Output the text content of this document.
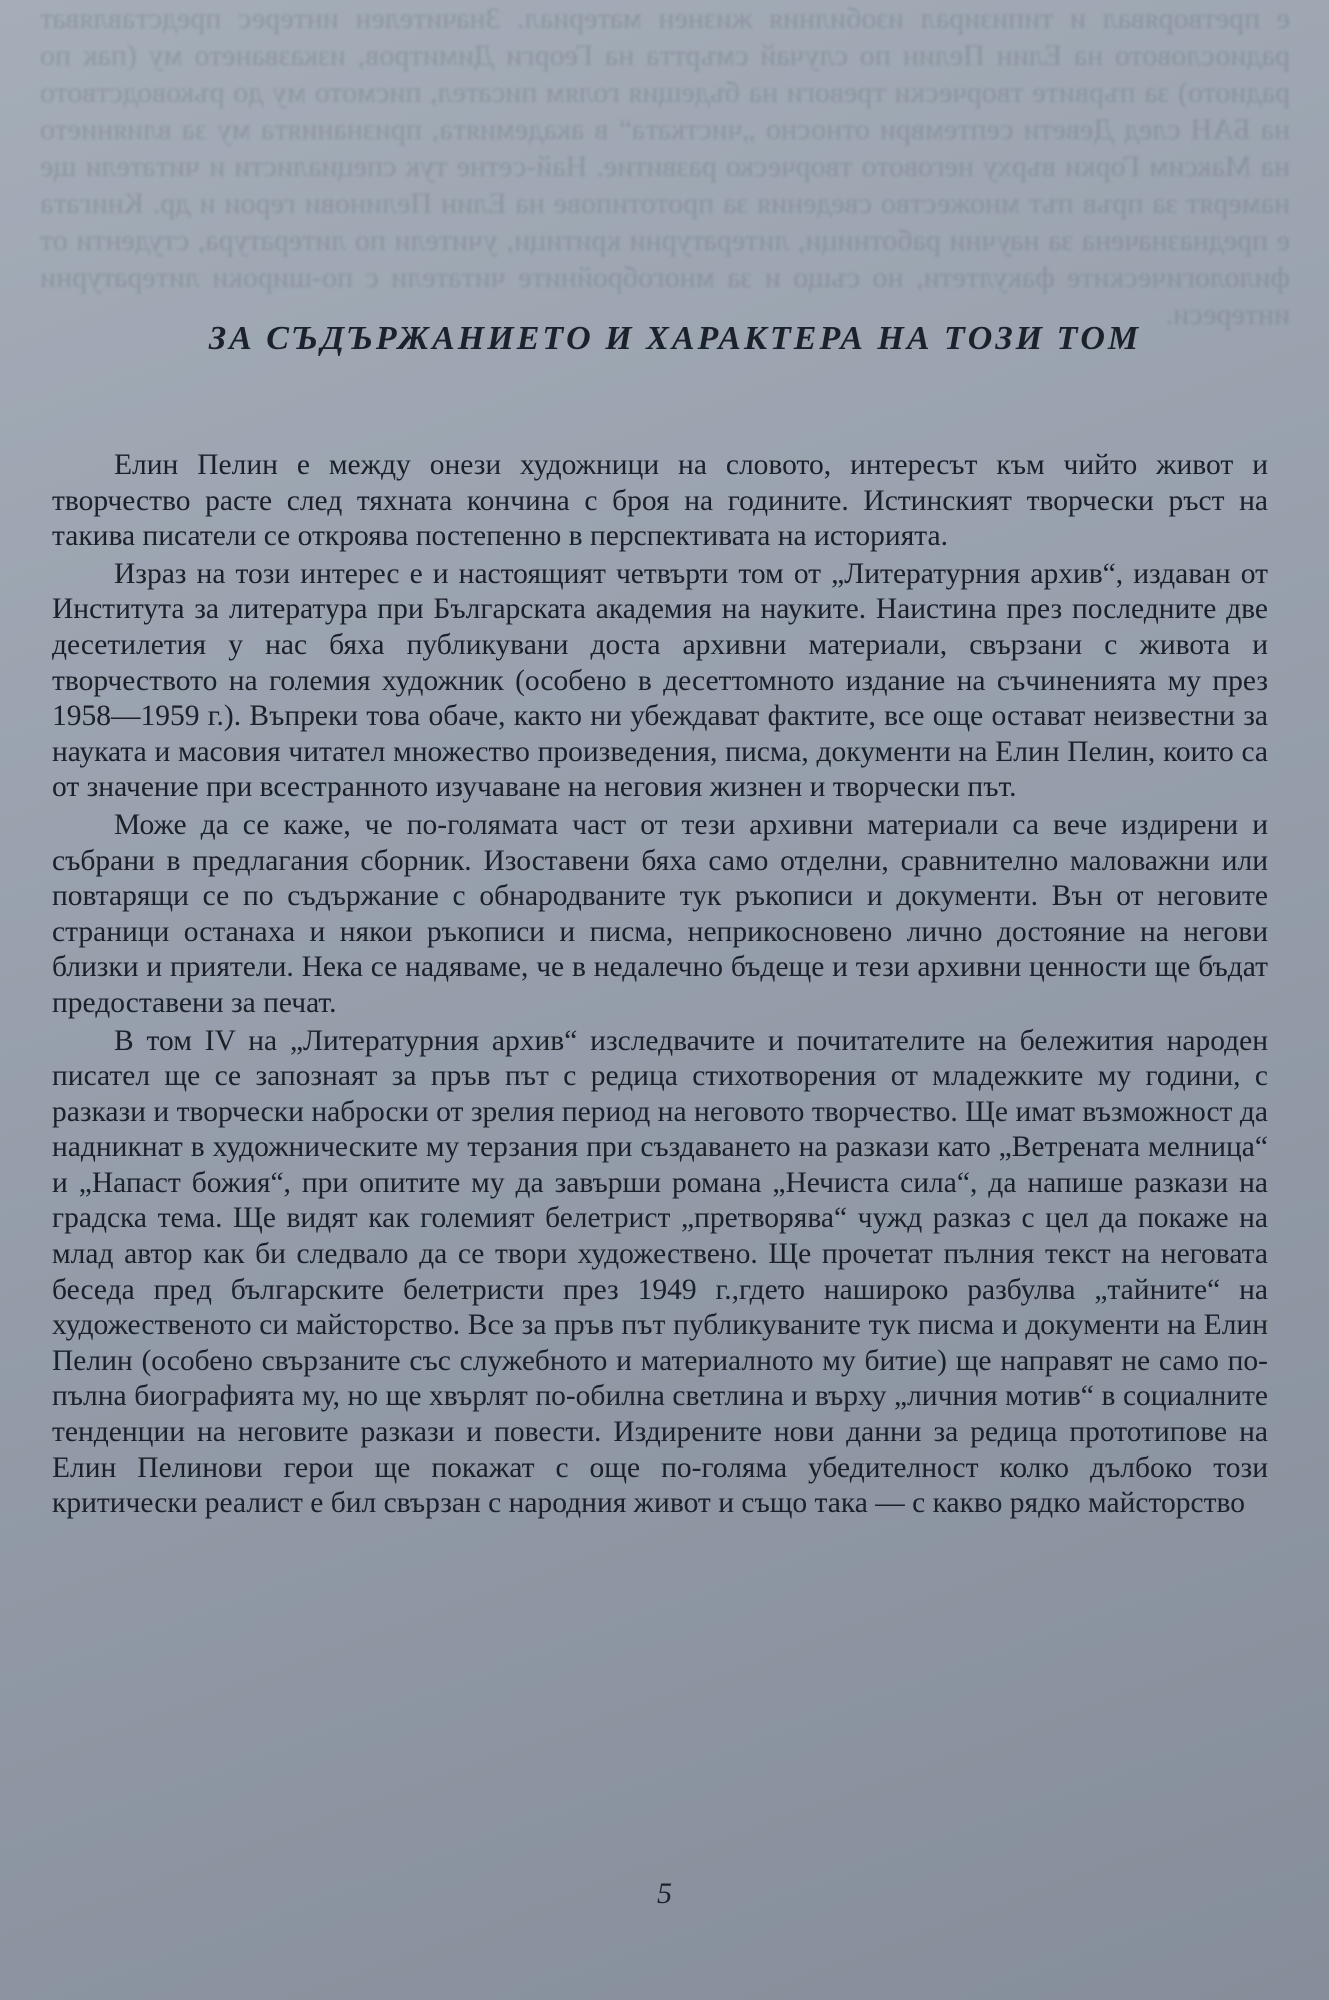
е претворявал и типизирал изобилния жизнен материал. Значителен интерес представляват радиословото на Елин Пелин по случай смъртта на Георги Димитров, изказването му (пак по радиото) за първите творчески тревоги на бъдещия голям писател, писмото му до ръководството на БАН след Девети септември относно „чистката“ в академията, признанията му за влиянието на Максим Горки върху неговото творческо развитие. Най-сетне тук специалисти и читатели ще намерят за пръв път множество сведения за прототипове на Елин Пелинови герои и др. Книгата е предназначена за научни работници, литературни критици, учители по литература, студенти от филологическите факултети, но също и за многобройните читатели с по-широки литературни интереси.

ЗА СЪДЪРЖАНИЕТО И ХАРАКТЕРА НА ТОЗИ ТОМ

Елин Пелин е между онези художници на словото, интересът към чийто живот и творчество расте след тяхната кончина с броя на годините. Истинският творчески ръст на такива писатели се откроява постепенно в перспективата на историята.

Израз на този интерес е и настоящият четвърти том от „Литературния архив“, издаван от Института за литература при Българската академия на науките. Наистина през последните две десетилетия у нас бяха публикувани доста архивни материали, свързани с живота и творчеството на големия художник (особено в десеттомното издание на съчиненията му през 1958—1959 г.). Въпреки това обаче, както ни убеждават фактите, все още остават неизвестни за науката и масовия читател множество произведения, писма, документи на Елин Пелин, които са от значение при всестранното изучаване на неговия жизнен и творчески път.

Може да се каже, че по-голямата част от тези архивни материали са вече издирени и събрани в предлагания сборник. Изоставени бяха само отделни, сравнително маловажни или повтарящи се по съдържание с обнародваните тук ръкописи и документи. Вън от неговите страници останаха и някои ръкописи и писма, неприкосновено лично достояние на негови близки и приятели. Нека се надяваме, че в недалечно бъдеще и тези архивни ценности ще бъдат предоставени за печат.

В том IV на „Литературния архив“ изследвачите и почитателите на бележития народен писател ще се запознаят за пръв път с редица стихотворения от младежките му години, с разкази и творчески наброски от зрелия период на неговото творчество. Ще имат възможност да надникнат в художническите му терзания при създаването на разкази като „Ветрената мелница“ и „Напаст божия“, при опитите му да завърши романа „Нечиста сила“, да напише разкази на градска тема. Ще видят как големият белетрист „претворява“ чужд разказ с цел да покаже на млад автор как би следвало да се твори художествено. Ще прочетат пълния текст на неговата беседа пред българските белетристи през 1949 г.,гдето нашироко разбулва „тайните“ на художественото си майсторство. Все за пръв път публикуваните тук писма и документи на Елин Пелин (особено свързаните със служебното и материалното му битие) ще направят не само по-пълна биографията му, но ще хвърлят по-обилна светлина и върху „личния мотив“ в социалните тенденции на неговите разкази и повести. Издирените нови данни за редица прототипове на Елин Пелинови герои ще покажат с още по-голяма убедителност колко дълбоко този критически реалист е бил свързан с народния живот и също така — с какво рядко майсторство

5
